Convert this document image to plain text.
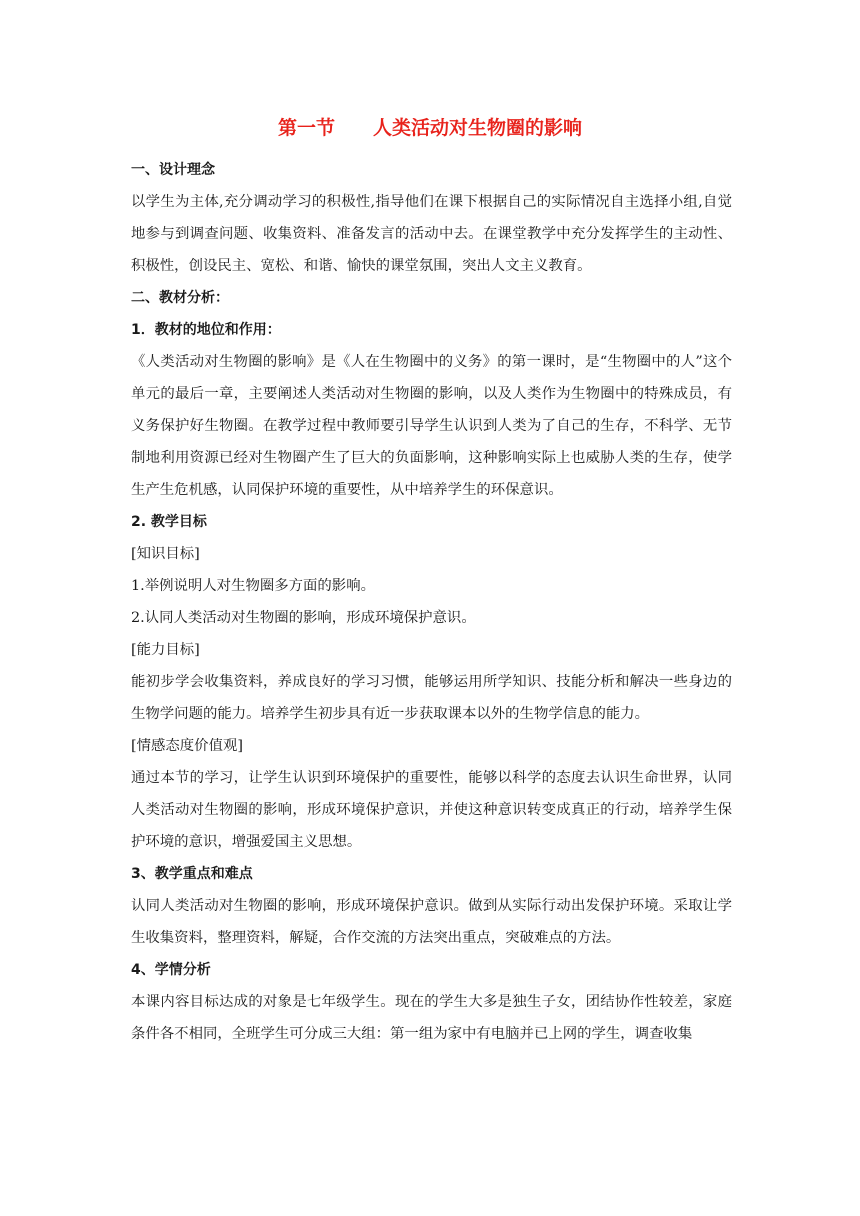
第一节　　人类活动对生物圈的影响

一、设计理念

以学生为主体,充分调动学习的积极性,指导他们在课下根据自己的实际情况自主选择小组,自觉地参与到调查问题、收集资料、准备发言的活动中去。在课堂教学中充分发挥学生的主动性、积极性，创设民主、宽松、和谐、愉快的课堂氛围，突出人文主义教育。

二、教材分析：

1．教材的地位和作用：

《人类活动对生物圈的影响》是《人在生物圈中的义务》的第一课时，是“生物圈中的人”这个单元的最后一章，主要阐述人类活动对生物圈的影响，以及人类作为生物圈中的特殊成员，有义务保护好生物圈。在教学过程中教师要引导学生认识到人类为了自己的生存，不科学、无节制地利用资源已经对生物圈产生了巨大的负面影响，这种影响实际上也威胁人类的生存，使学生产生危机感，认同保护环境的重要性，从中培养学生的环保意识。

2. 教学目标

[知识目标]

1.举例说明人对生物圈多方面的影响。

2.认同人类活动对生物圈的影响，形成环境保护意识。

[能力目标]

能初步学会收集资料，养成良好的学习习惯，能够运用所学知识、技能分析和解决一些身边的生物学问题的能力。培养学生初步具有近一步获取课本以外的生物学信息的能力。

[情感态度价值观]

通过本节的学习，让学生认识到环境保护的重要性，能够以科学的态度去认识生命世界，认同人类活动对生物圈的影响，形成环境保护意识，并使这种意识转变成真正的行动，培养学生保护环境的意识，增强爱国主义思想。

3、教学重点和难点

认同人类活动对生物圈的影响，形成环境保护意识。做到从实际行动出发保护环境。采取让学生收集资料，整理资料，解疑，合作交流的方法突出重点，突破难点的方法。

4、学情分析

本课内容目标达成的对象是七年级学生。现在的学生大多是独生子女，团结协作性较差，家庭条件各不相同，全班学生可分成三大组：第一组为家中有电脑并已上网的学生，调查收集
